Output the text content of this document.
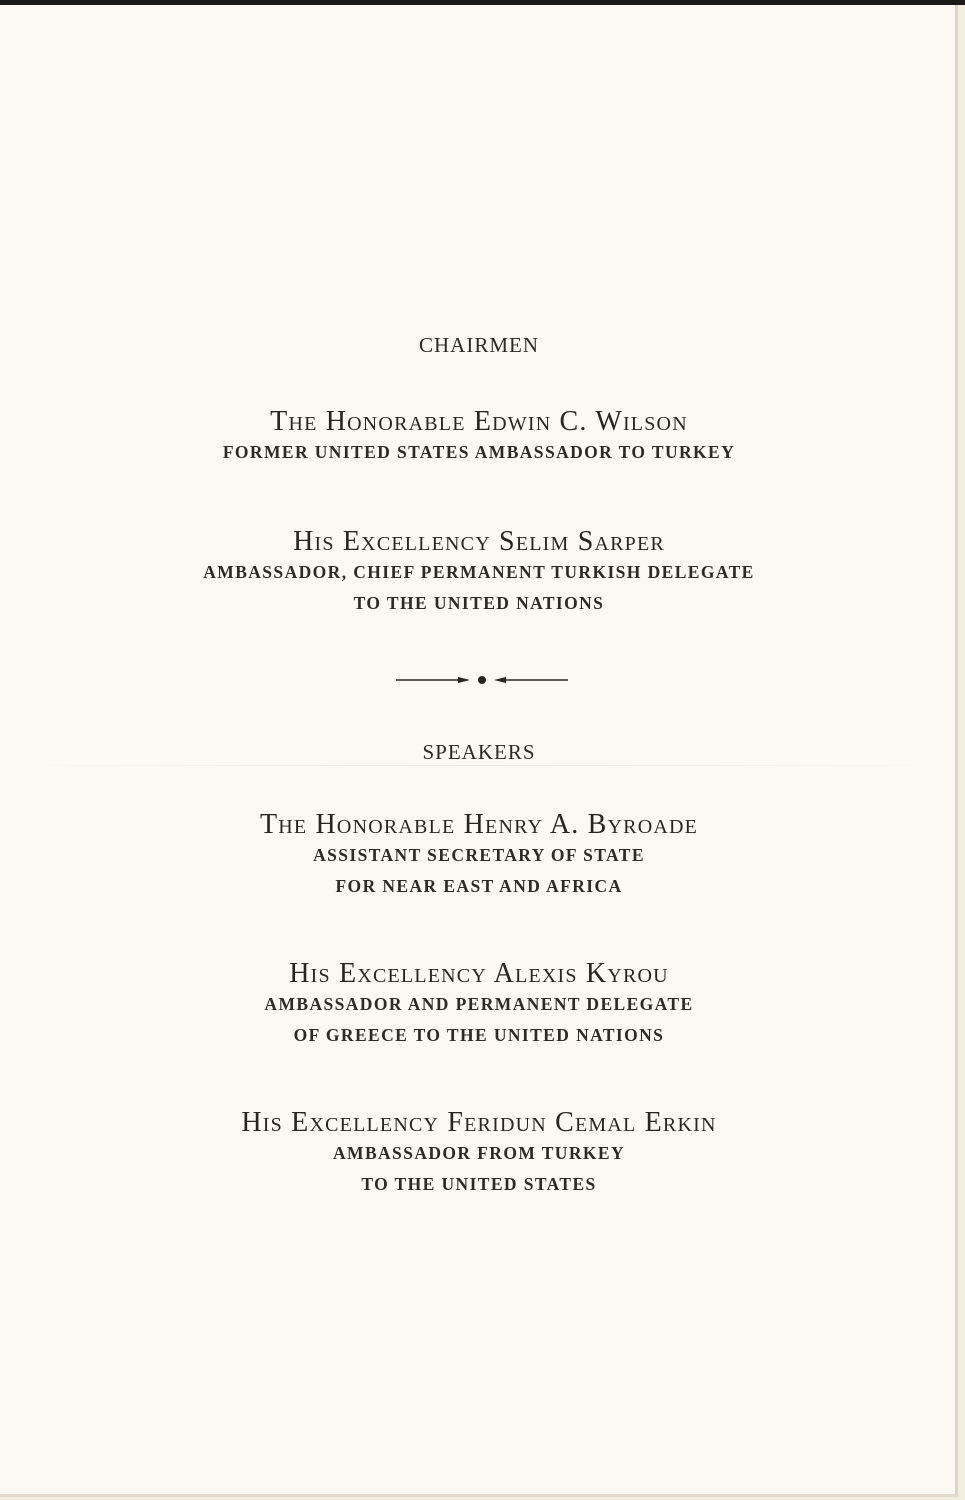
CHAIRMEN
The Honorable Edwin C. Wilson
FORMER UNITED STATES AMBASSADOR TO TURKEY
His Excellency Selim Sarper
AMBASSADOR, CHIEF PERMANENT TURKISH DELEGATE
TO THE UNITED NATIONS
SPEAKERS
The Honorable Henry A. Byroade
ASSISTANT SECRETARY OF STATE
FOR NEAR EAST AND AFRICA
His Excellency Alexis Kyrou
AMBASSADOR AND PERMANENT DELEGATE
OF GREECE TO THE UNITED NATIONS
His Excellency Feridun Cemal Erkin
AMBASSADOR FROM TURKEY
TO THE UNITED STATES
